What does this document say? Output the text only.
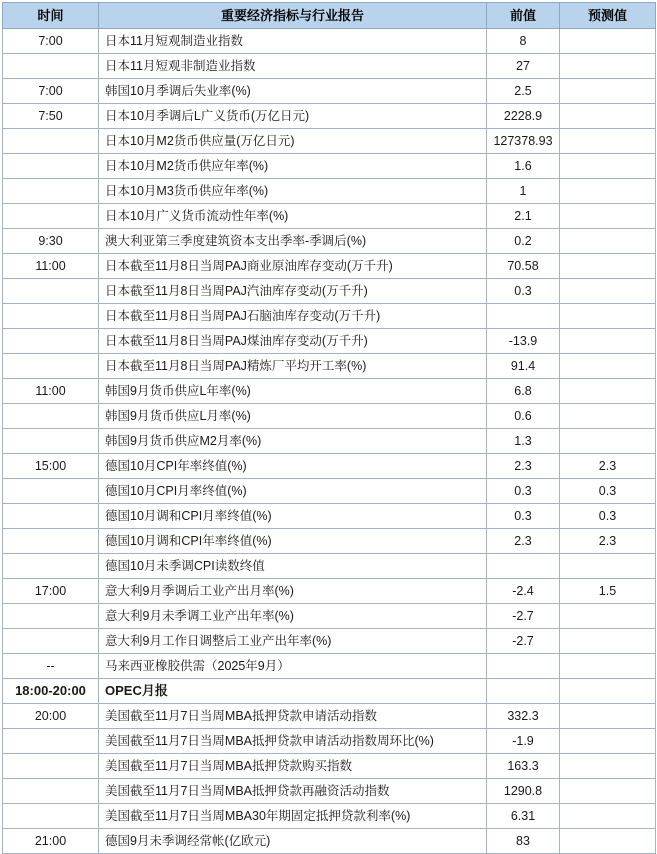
时间	重要经济指标与行业报告	前值	预测值
7:00	日本11月短观制造业指数	8	
	日本11月短观非制造业指数	27	
7:00	韩国10月季调后失业率(%)	2.5	
7:50	日本10月季调后L广义货币(万亿日元)	2228.9	
	日本10月M2货币供应量(万亿日元)	127378.93	
	日本10月M2货币供应年率(%)	1.6	
	日本10月M3货币供应年率(%)	1	
	日本10月广义货币流动性年率(%)	2.1	
9:30	澳大利亚第三季度建筑资本支出季率-季调后(%)	0.2	
11:00	日本截至11月8日当周PAJ商业原油库存变动(万千升)	70.58	
	日本截至11月8日当周PAJ汽油库存变动(万千升)	0.3	
	日本截至11月8日当周PAJ石脑油库存变动(万千升)		
	日本截至11月8日当周PAJ煤油库存变动(万千升)	-13.9	
	日本截至11月8日当周PAJ精炼厂平均开工率(%)	91.4	
11:00	韩国9月货币供应L年率(%)	6.8	
	韩国9月货币供应L月率(%)	0.6	
	韩国9月货币供应M2月率(%)	1.3	
15:00	德国10月CPI年率终值(%)	2.3	2.3
	德国10月CPI月率终值(%)	0.3	0.3
	德国10月调和CPI月率终值(%)	0.3	0.3
	德国10月调和CPI年率终值(%)	2.3	2.3
	德国10月未季调CPI读数终值		
17:00	意大利9月季调后工业产出月率(%)	-2.4	1.5
	意大利9月未季调工业产出年率(%)	-2.7	
	意大利9月工作日调整后工业产出年率(%)	-2.7	
--	马来西亚橡胶供需（2025年9月）		
18:00-20:00	OPEC月报		
20:00	美国截至11月7日当周MBA抵押贷款申请活动指数	332.3	
	美国截至11月7日当周MBA抵押贷款申请活动指数周环比(%)	-1.9	
	美国截至11月7日当周MBA抵押贷款购买指数	163.3	
	美国截至11月7日当周MBA抵押贷款再融资活动指数	1290.8	
	美国截至11月7日当周MBA30年期固定抵押贷款利率(%)	6.31	
21:00	德国9月未季调经常帐(亿欧元)	83	
